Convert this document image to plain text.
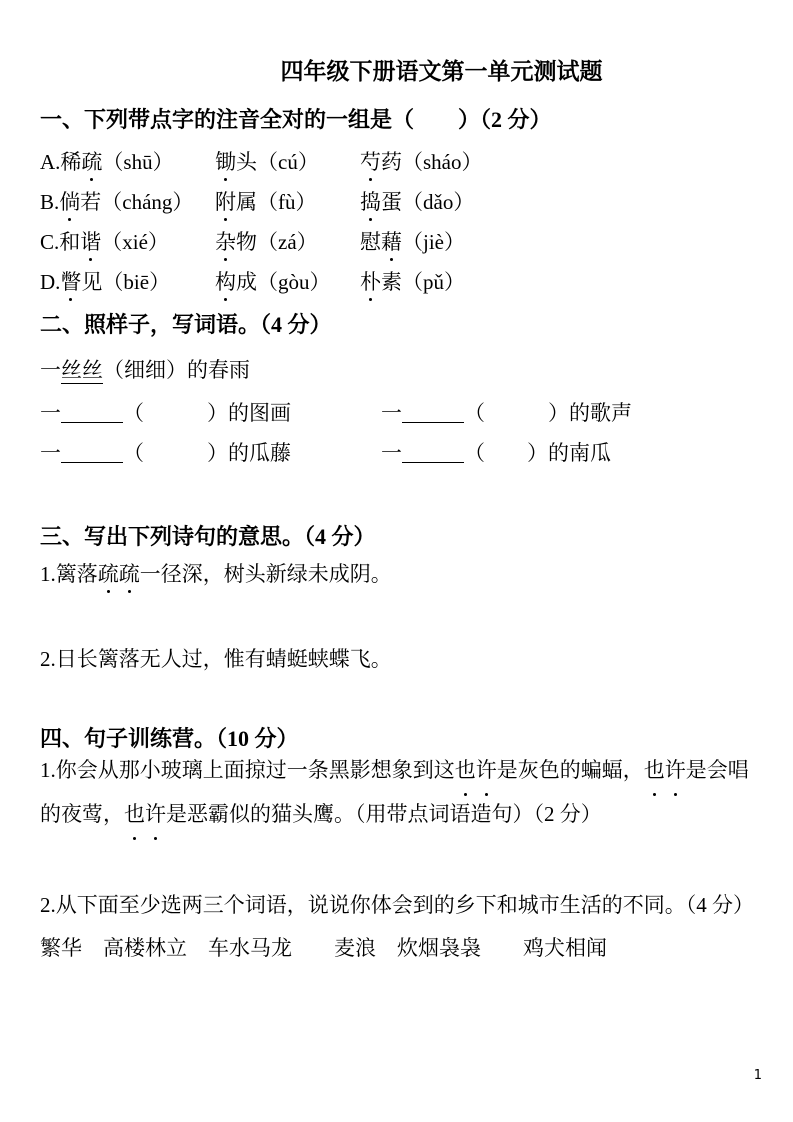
四年级下册语文第一单元测试题
一、下列带点字的注音全对的一组是（　　）（2 分）
A.稀疏（shū）	锄头（cú）	芍药（sháo）
B.倘若（cháng）	附属（fù）	捣蛋（dǎo）
C.和谐（xié）	杂物（zá）	慰藉（jiè）
D.瞥见（biē）	构成（gòu）	朴素（pǔ）
二、照样子，写词语。（4 分）
一丝丝（细细）的春雨
一	（　　　）的图画	一	（　　　）的歌声
一	（　　　）的瓜藤	一	（　　）的南瓜
三、写出下列诗句的意思。（4 分）
1.篱落疏疏一径深，树头新绿未成阴。
2.日长篱落无人过，惟有蜻蜓蛱蝶飞。
四、句子训练营。（10 分）
1.你会从那小玻璃上面掠过一条黑影想象到这也许是灰色的蝙蝠，也许是会唱
的夜莺，也许是恶霸似的猫头鹰。（用带点词语造句）（2 分）
2.从下面至少选两三个词语，说说你体会到的乡下和城市生活的不同。（4 分）
繁华　高楼林立　车水马龙　　麦浪　炊烟袅袅　　鸡犬相闻
1
